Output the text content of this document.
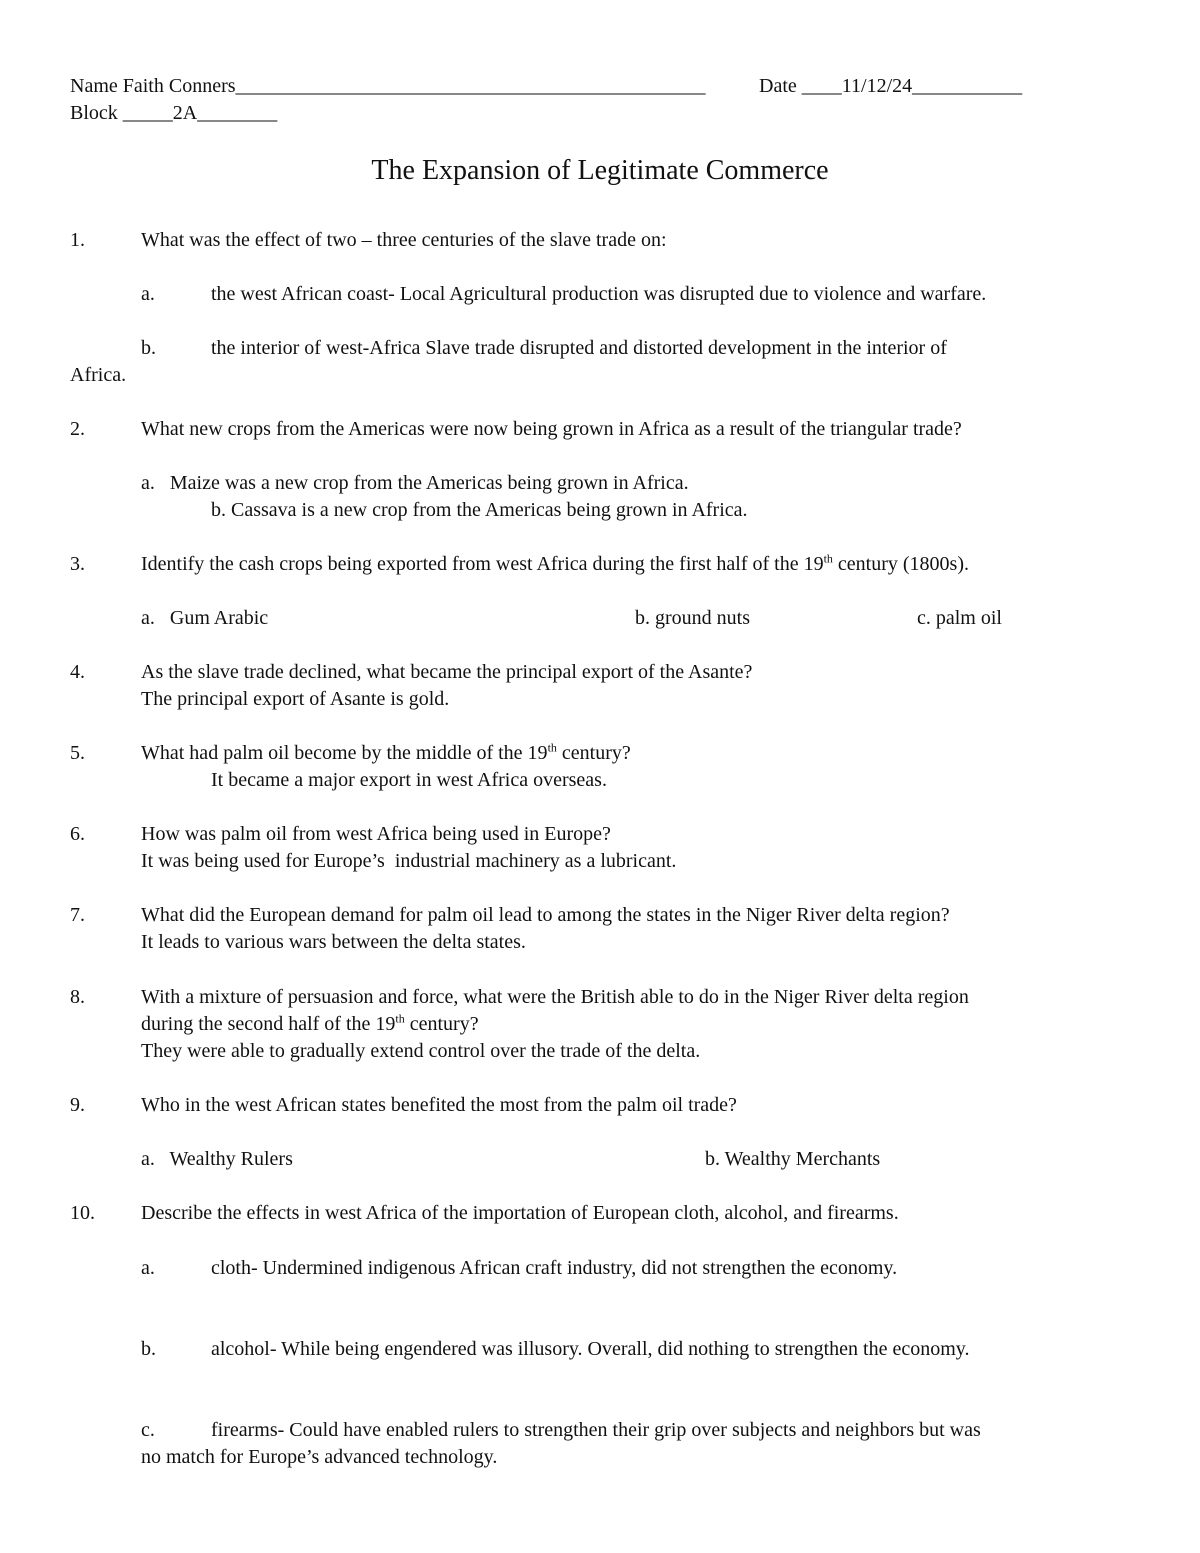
Name Faith Conners_______________________________________________	Date ____11/12/24___________
Block _____2A________
The Expansion of Legitimate Commerce
1.	What was the effect of two – three centuries of the slave trade on:
a.	the west African coast- Local Agricultural production was disrupted due to violence and warfare.
b.	the interior of west-Africa Slave trade disrupted and distorted development in the interior of
Africa.
2.	What new crops from the Americas were now being grown in Africa as a result of the triangular trade?
a.   Maize was a new crop from the Americas being grown in Africa.
b. Cassava is a new crop from the Americas being grown in Africa.
3.	Identify the cash crops being exported from west Africa during the first half of the 19th century (1800s).
a.   Gum Arabic	b. ground nuts	c. palm oil
4.	As the slave trade declined, what became the principal export of the Asante?
The principal export of Asante is gold.
5.	What had palm oil become by the middle of the 19th century?
It became a major export in west Africa overseas.
6.	How was palm oil from west Africa being used in Europe?
It was being used for Europe’s  industrial machinery as a lubricant.
7.	What did the European demand for palm oil lead to among the states in the Niger River delta region?
It leads to various wars between the delta states.
8.	With a mixture of persuasion and force, what were the British able to do in the Niger River delta region
during the second half of the 19th century?
They were able to gradually extend control over the trade of the delta.
9.	Who in the west African states benefited the most from the palm oil trade?
a.   Wealthy Rulers	b. Wealthy Merchants
10. Describe the effects in west Africa of the importation of European cloth, alcohol, and firearms.
a.	cloth- Undermined indigenous African craft industry, did not strengthen the economy.
b.	alcohol- While being engendered was illusory. Overall, did nothing to strengthen the economy.
c.	firearms- Could have enabled rulers to strengthen their grip over subjects and neighbors but was
no match for Europe’s advanced technology.
